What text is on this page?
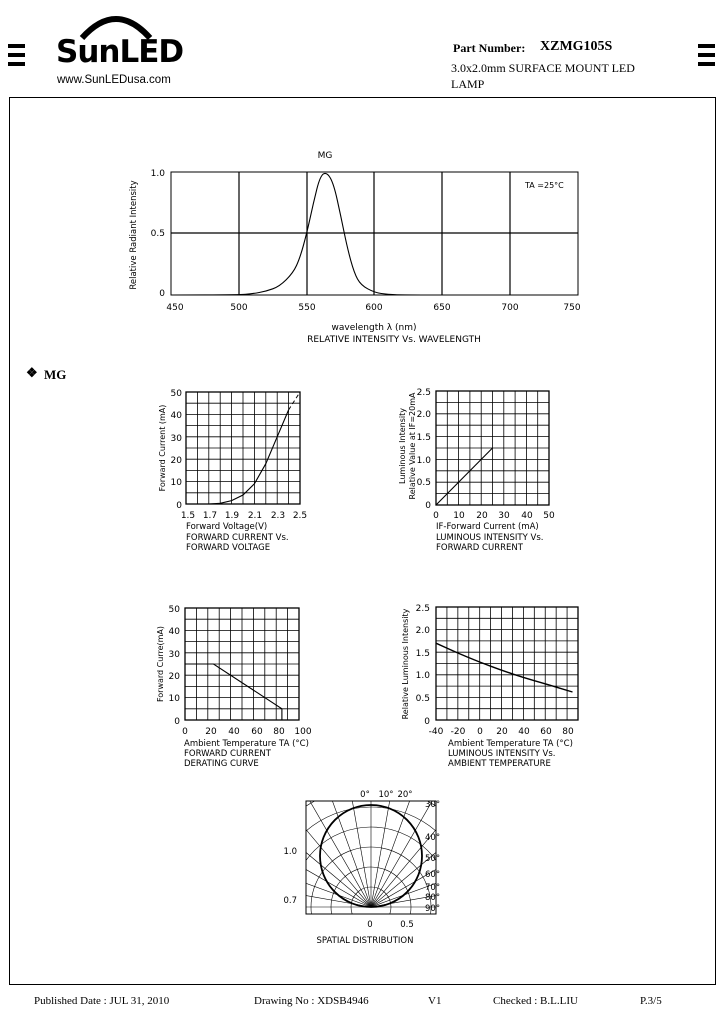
SunLED
www.SunLEDusa.com
Part Number: XZMG105S
3.0x2.0mm SURFACE MOUNT LED
LAMP
❖ MG
MG
0
0.5
1.0
450	500	550	600	650	700	750
Relative Radiant Intensity	TA =25°C
wavelength λ (nm)
RELATIVE INTENSITY Vs. WAVELENGTH
0
10
20
30
40
50
1.5 1.7 1.9 2.1 2.3 2.5
Forward Current (mA)
Forward Voltage(V)
FORWARD CURRENT Vs.
FORWARD VOLTAGE
0
0.5
1.0
1.5
2.0
2.5
0 10 20 30 40 50
Luminous Intensity Relative Value at IF=20mA
IF-Forward Current (mA)
LUMINOUS INTENSITY Vs.
FORWARD CURRENT
0
10
20
30
40
50
0 20 40 60 80 100
Forward Curre(mA)
Ambient Temperature TA (°C)
FORWARD CURRENT
DERATING CURVE
0
0.5
1.0
1.5
2.0
2.5
-40 -20 0 20 40 60 80
Relative Luminous Intensity
Ambient Temperature TA (°C)
LUMINOUS INTENSITY Vs.
AMBIENT TEMPERATURE
0° 10° 20°
30°
40°
50°
60°
70°
80°
90°
1.0
0.7
0	0.5
SPATIAL DISTRIBUTION
Published Date : JUL 31, 2010	Drawing No : XDSB4946	V1	Checked : B.L.LIU	P.3/5
